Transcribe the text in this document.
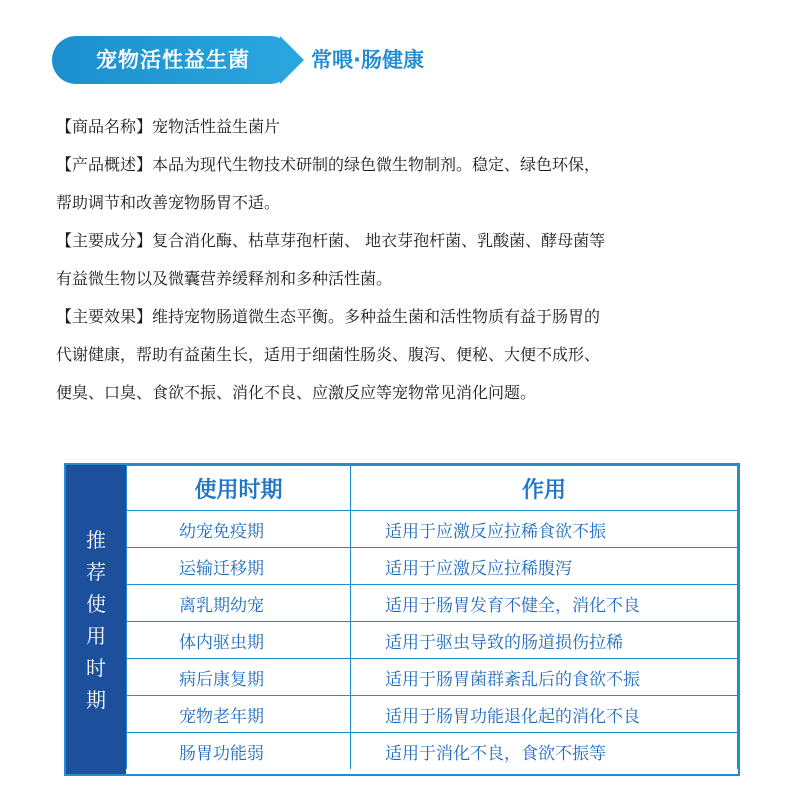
宠物活性益生菌	常喂·肠健康
【商品名称】宠物活性益生菌片
【产品概述】本品为现代生物技术研制的绿色微生物制剂。稳定、绿色环保，
帮助调节和改善宠物肠胃不适。
【主要成分】复合消化酶、枯草芽孢杆菌、 地衣芽孢杆菌、乳酸菌、酵母菌等
有益微生物以及微囊营养缓释剂和多种活性菌。
【主要效果】维持宠物肠道微生态平衡。多种益生菌和活性物质有益于肠胃的
代谢健康，帮助有益菌生长，适用于细菌性肠炎、腹泻、便秘、大便不成形、
便臭、口臭、食欲不振、消化不良、应激反应等宠物常见消化问题。
推
荐
使
用
时
期
使用时期	作用
幼宠免疫期	适用于应激反应拉稀食欲不振
运输迁移期	适用于应激反应拉稀腹泻
离乳期幼宠	适用于肠胃发育不健全，消化不良
体内驱虫期	适用于驱虫导致的肠道损伤拉稀
病后康复期	适用于肠胃菌群紊乱后的食欲不振
宠物老年期	适用于肠胃功能退化起的消化不良
肠胃功能弱	适用于消化不良，食欲不振等
